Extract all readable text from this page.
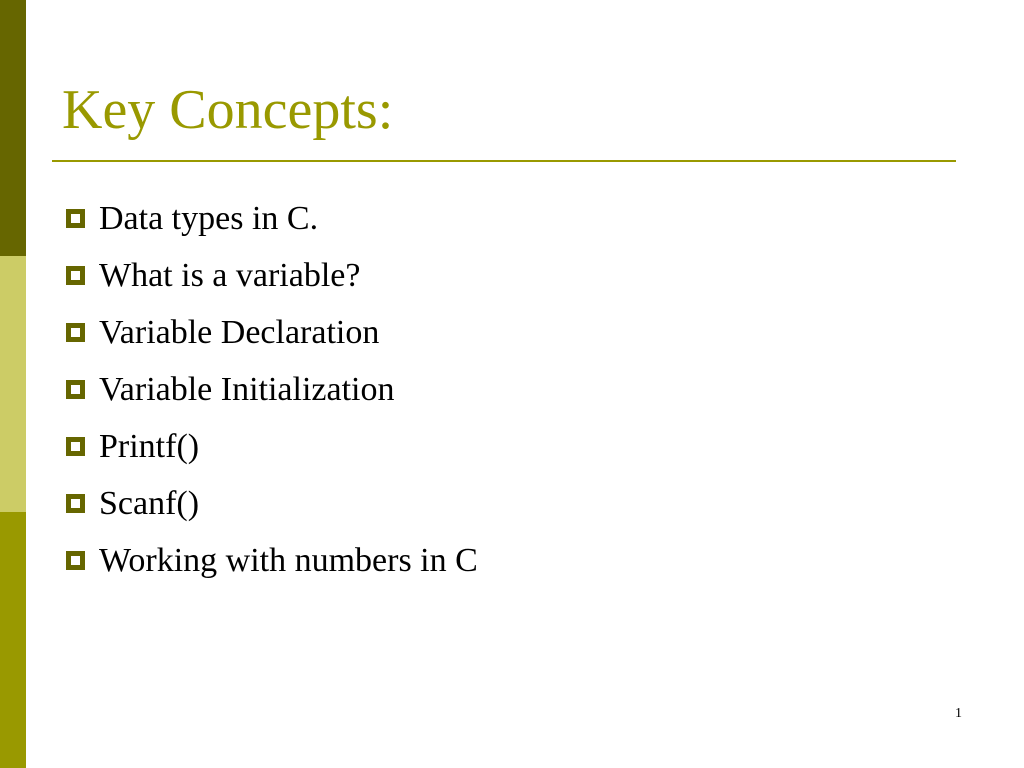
Key Concepts:
Data types in C.
What is a variable?
Variable Declaration
Variable Initialization
Printf()
Scanf()
Working with numbers in C
1
